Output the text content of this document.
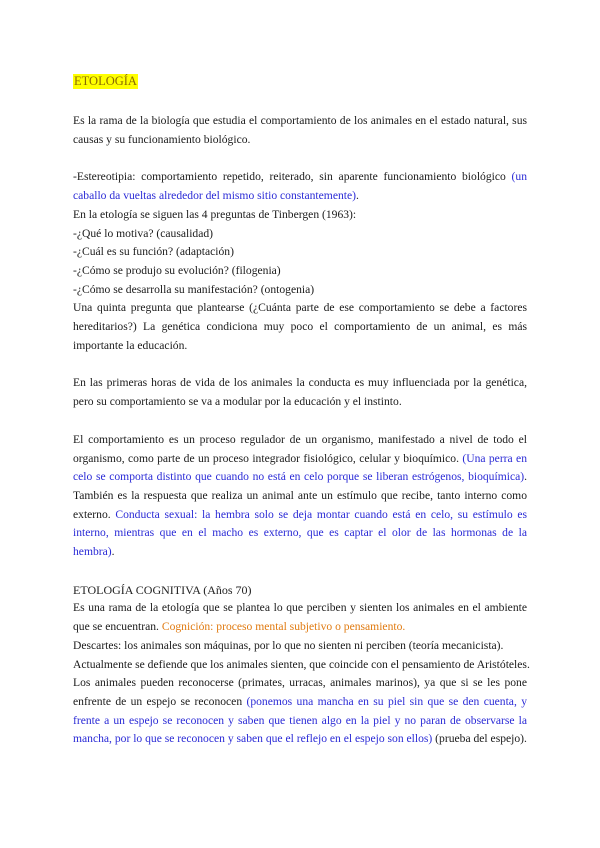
ETOLOGÍA

Es la rama de la biología que estudia el comportamiento de los animales en el estado natural, sus causas y su funcionamiento biológico.

-Estereotipia: comportamiento repetido, reiterado, sin aparente funcionamiento biológico (un caballo da vueltas alrededor del mismo sitio constantemente).

En la etología se siguen las 4 preguntas de Tinbergen (1963):

-¿Qué lo motiva? (causalidad)

-¿Cuál es su función? (adaptación)

-¿Cómo se produjo su evolución? (filogenia)

-¿Cómo se desarrolla su manifestación? (ontogenia)

Una quinta pregunta que plantearse (¿Cuánta parte de ese comportamiento se debe a factores hereditarios?) La genética condiciona muy poco el comportamiento de un animal, es más importante la educación.

En las primeras horas de vida de los animales la conducta es muy influenciada por la genética, pero su comportamiento se va a modular por la educación y el instinto.

El comportamiento es un proceso regulador de un organismo, manifestado a nivel de todo el organismo, como parte de un proceso integrador fisiológico, celular y bioquímico. (Una perra en celo se comporta distinto que cuando no está en celo porque se liberan estrógenos, bioquímica). También es la respuesta que realiza un animal ante un estímulo que recibe, tanto interno como externo. Conducta sexual: la hembra solo se deja montar cuando está en celo, su estímulo es interno, mientras que en el macho es externo, que es captar el olor de las hormonas de la hembra).

ETOLOGÍA COGNITIVA (Años 70)

Es una rama de la etología que se plantea lo que perciben y sienten los animales en el ambiente que se encuentran. Cognición: proceso mental subjetivo o pensamiento.

Descartes: los animales son máquinas, por lo que no sienten ni perciben (teoría mecanicista).

Actualmente se defiende que los animales sienten, que coincide con el pensamiento de Aristóteles.

Los animales pueden reconocerse (primates, urracas, animales marinos), ya que si se les pone enfrente de un espejo se reconocen (ponemos una mancha en su piel sin que se den cuenta, y frente a un espejo se reconocen y saben que tienen algo en la piel y no paran de observarse la mancha, por lo que se reconocen y saben que el reflejo en el espejo son ellos) (prueba del espejo).
